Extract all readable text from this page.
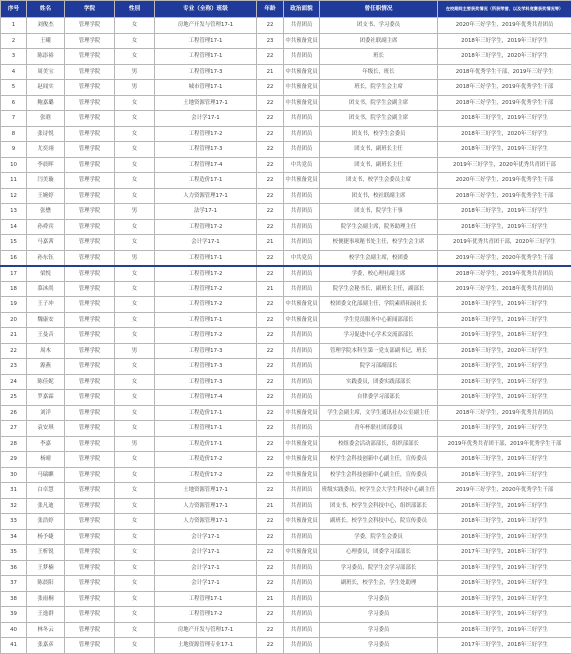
序号	姓名	学院	性别	专业（全称）班级	年龄	政治面貌	曾任职情况	在校期间主要获奖情况（所获荣誉、以及学科竞赛获奖情况等）
1	刘俊杰	管理学院	女	房地产开发与管理17-1	22	共青团员	团支书、学习委员	2020年三好学生，2019年优秀共青团员
2	王曦	管理学院	女	工程管理17-1	23	中共预备党员	团委社联副主席	2018年三好学生，2019年三好学生
3	陈添裕	管理学院	女	工程管理17-1	22	共青团员	班长	2018年三好学生，2020年三好学生
4	周美宝	管理学院	男	工程管理17-3	21	中共预备党员	年级长，班长	2018年优秀学生干部，2019年三好学生
5	赵闻实	管理学院	男	城市管理17-1	22	中共预备党员	班长，院学生会主席	2018年三好学生，2019年优秀学生干部
6	鲍嘉璐	管理学院	女	土地资源管理17-1	22	中共预备党员	团支书，院学生会副主席	2018年三好学生，2019年优秀学生干部
7	张晗	管理学院	女	会计学17-1	22	共青团员	团支书，院学生会副主席	2018年三好学生，2019年三好学生
8	张诗悦	管理学院	女	工程管理17-2	22	共青团员	团支书，校学生会委员	2018年三好学生，2020年三好学生
9	尤奕翊	管理学院	女	工程管理17-3	22	共青团员	团支书，副班长主任	2018年三好学生，2019年三好学生
10	李晨晖	管理学院	女	工程管理17-4	22	中共党员	团支书，副班长主任	2019年三好学生，2020年优秀共青团干部
11	闫美璇	管理学院	女	工程造价17-1	22	中共预备党员	团支书，校学生会委员主席	2020年三好学生，2019年优秀学生干部
12	王婉婷	管理学院	女	人力资源管理17-1	22	共青团员	团支书，校社联副主席	2018年三好学生，2019年优秀学生干部
13	张懋	管理学院	男	法学17-1	22	共青团员	团支书，院学生干事	2018年三好学生，2019年三好学生
14	孙舜宾	管理学院	女	工程管理17-2	22	共青团员	院学生会副主席，院务助理主任	2018年三好学生，2019年三好学生
15	马嘉茜	管理学院	女	会计学17-1	21	共青团员	校便捷事项秘书处主任，校学生会主席	2019年优秀共青团干部，2020年三好学生
16	孙东钰	管理学院	男	工程管理17-1	22	中共党员	校学生会副主席，校团委	2019年三好学生，2020年优秀学生干部
17	梁悦	管理学院	女	工程管理17-2	22	共青团员	学委，校心理社副主席	2018年三好学生，2019年优秀共青团员
18	慕沐尚	管理学院	女	工程管理17-2	21	共青团员	院学生会秘书长，副班长主任，副部长	2019年三好学生，2018年优秀共青团员
19	王子冲	管理学院	女	工程管理17-2	22	中共预备党员	校团委文化部副主任，学院素质拓展社长	2018年三好学生，2019年三好学生
20	魏康安	管理学院	女	工程管理17-1	22	中共预备党员	学生党员服务中心新闻部部长	2018年三好学生，2019年三好学生
21	王曼音	管理学院	女	工程管理17-2	22	共青团员	学习促进中心学术交流部部长	2019年三好学生，2018年三好学生
22	周木	管理学院	男	工程管理17-3	22	共青团员	管理学院本科生第一党支部副书记，班长	2018年三好学生，2020年三好学生
23	源燕	管理学院	女	工程管理17-3	22	共青团员	院学习部副部长	2018年三好学生，2019年三好学生
24	陈佳妮	管理学院	女	工程管理17-3	22	共青团员	实践委员，团委实践部部长	2018年三好学生，2019年三好学生
25	罗嘉霖	管理学院	女	工程管理17-4	22	共青团员	自律委学习部部长	2018年三好学生，2019年三好学生
26	刘洋	管理学院	女	工程造价17-1	22	中共预备党员	学生会副主席，文学生通讯社办公室副主任	2018年三好学生，2019年优秀共青团员
27	袁安琪	管理学院	女	工程管理17-1	22	共青团员	青年杯联社团部委员	2018年三好学生，2019年三好学生
28	李嘉	管理学院	男	工程造价17-1	22	中共预备党员	校组委会活动部部长，组织部部长	2019年优秀共青团干部，2019年优秀学生干部
29	杨晴	管理学院	女	工程造价17-2	22	中共预备党员	校学生会科技创新中心副主任，宣传委员	2018年三好学生，2019年三好学生
30	马瑞麒	管理学院	女	工程造价17-2	22	中共预备党员	校学生会科技创新中心副主任，宣传委员	2018年三好学生，2019年三好学生
31	白卓慧	管理学院	女	土地资源管理17-1	22	共青团员	班级实践委员，校学生会大学生科技中心副主任	2019年三好学生，2020年优秀学生干部
32	张凡迪	管理学院	女	人力资源管理17-1	21	共青团员	团支书，校学生会科技中心，组织部部长	2018年三好学生，2019年三好学生
33	张浩婷	管理学院	女	人力资源管理17-1	22	中共预备党员	副班长，校学生会科技中心，院宣传委员	2018年三好学生，2019年三好学生
34	杨予婕	管理学院	女	会计学17-1	22	共青团员	学委，院学生会委员	2018年三好学生，2019年三好学生
35	王析锐	管理学院	女	会计学17-1	22	中共预备党员	心理委员，团委学习部部长	2017年三好学生，2018年三好学生
36	王梦楠	管理学院	女	会计学17-1	22	共青团员	学习委员，院学生会学习部部长	2018年三好学生，2019年三好学生
37	陈晨阳	管理学院	女	会计学17-1	22	共青团员	副班长，校学生会，学生处助理	2018年三好学生，2019年三好学生
38	张雨桐	管理学院	女	工程管理17-1	21	共青团员	学习委员	2018年三好学生，2019年三好学生
39	王逸群	管理学院	女	工程管理17-2	22	共青团员	学习委员	2018年三好学生，2019年三好学生
40	林冬云	管理学院	女	房地产开发与管理17-1	22	共青团员	学习委员	2018年三好学生，2019年三好学生
41	张嘉彦	管理学院	女	土地资源管理专业17-1	22	共青团员	学习委员	2017年三好学生，2018年三好学生
